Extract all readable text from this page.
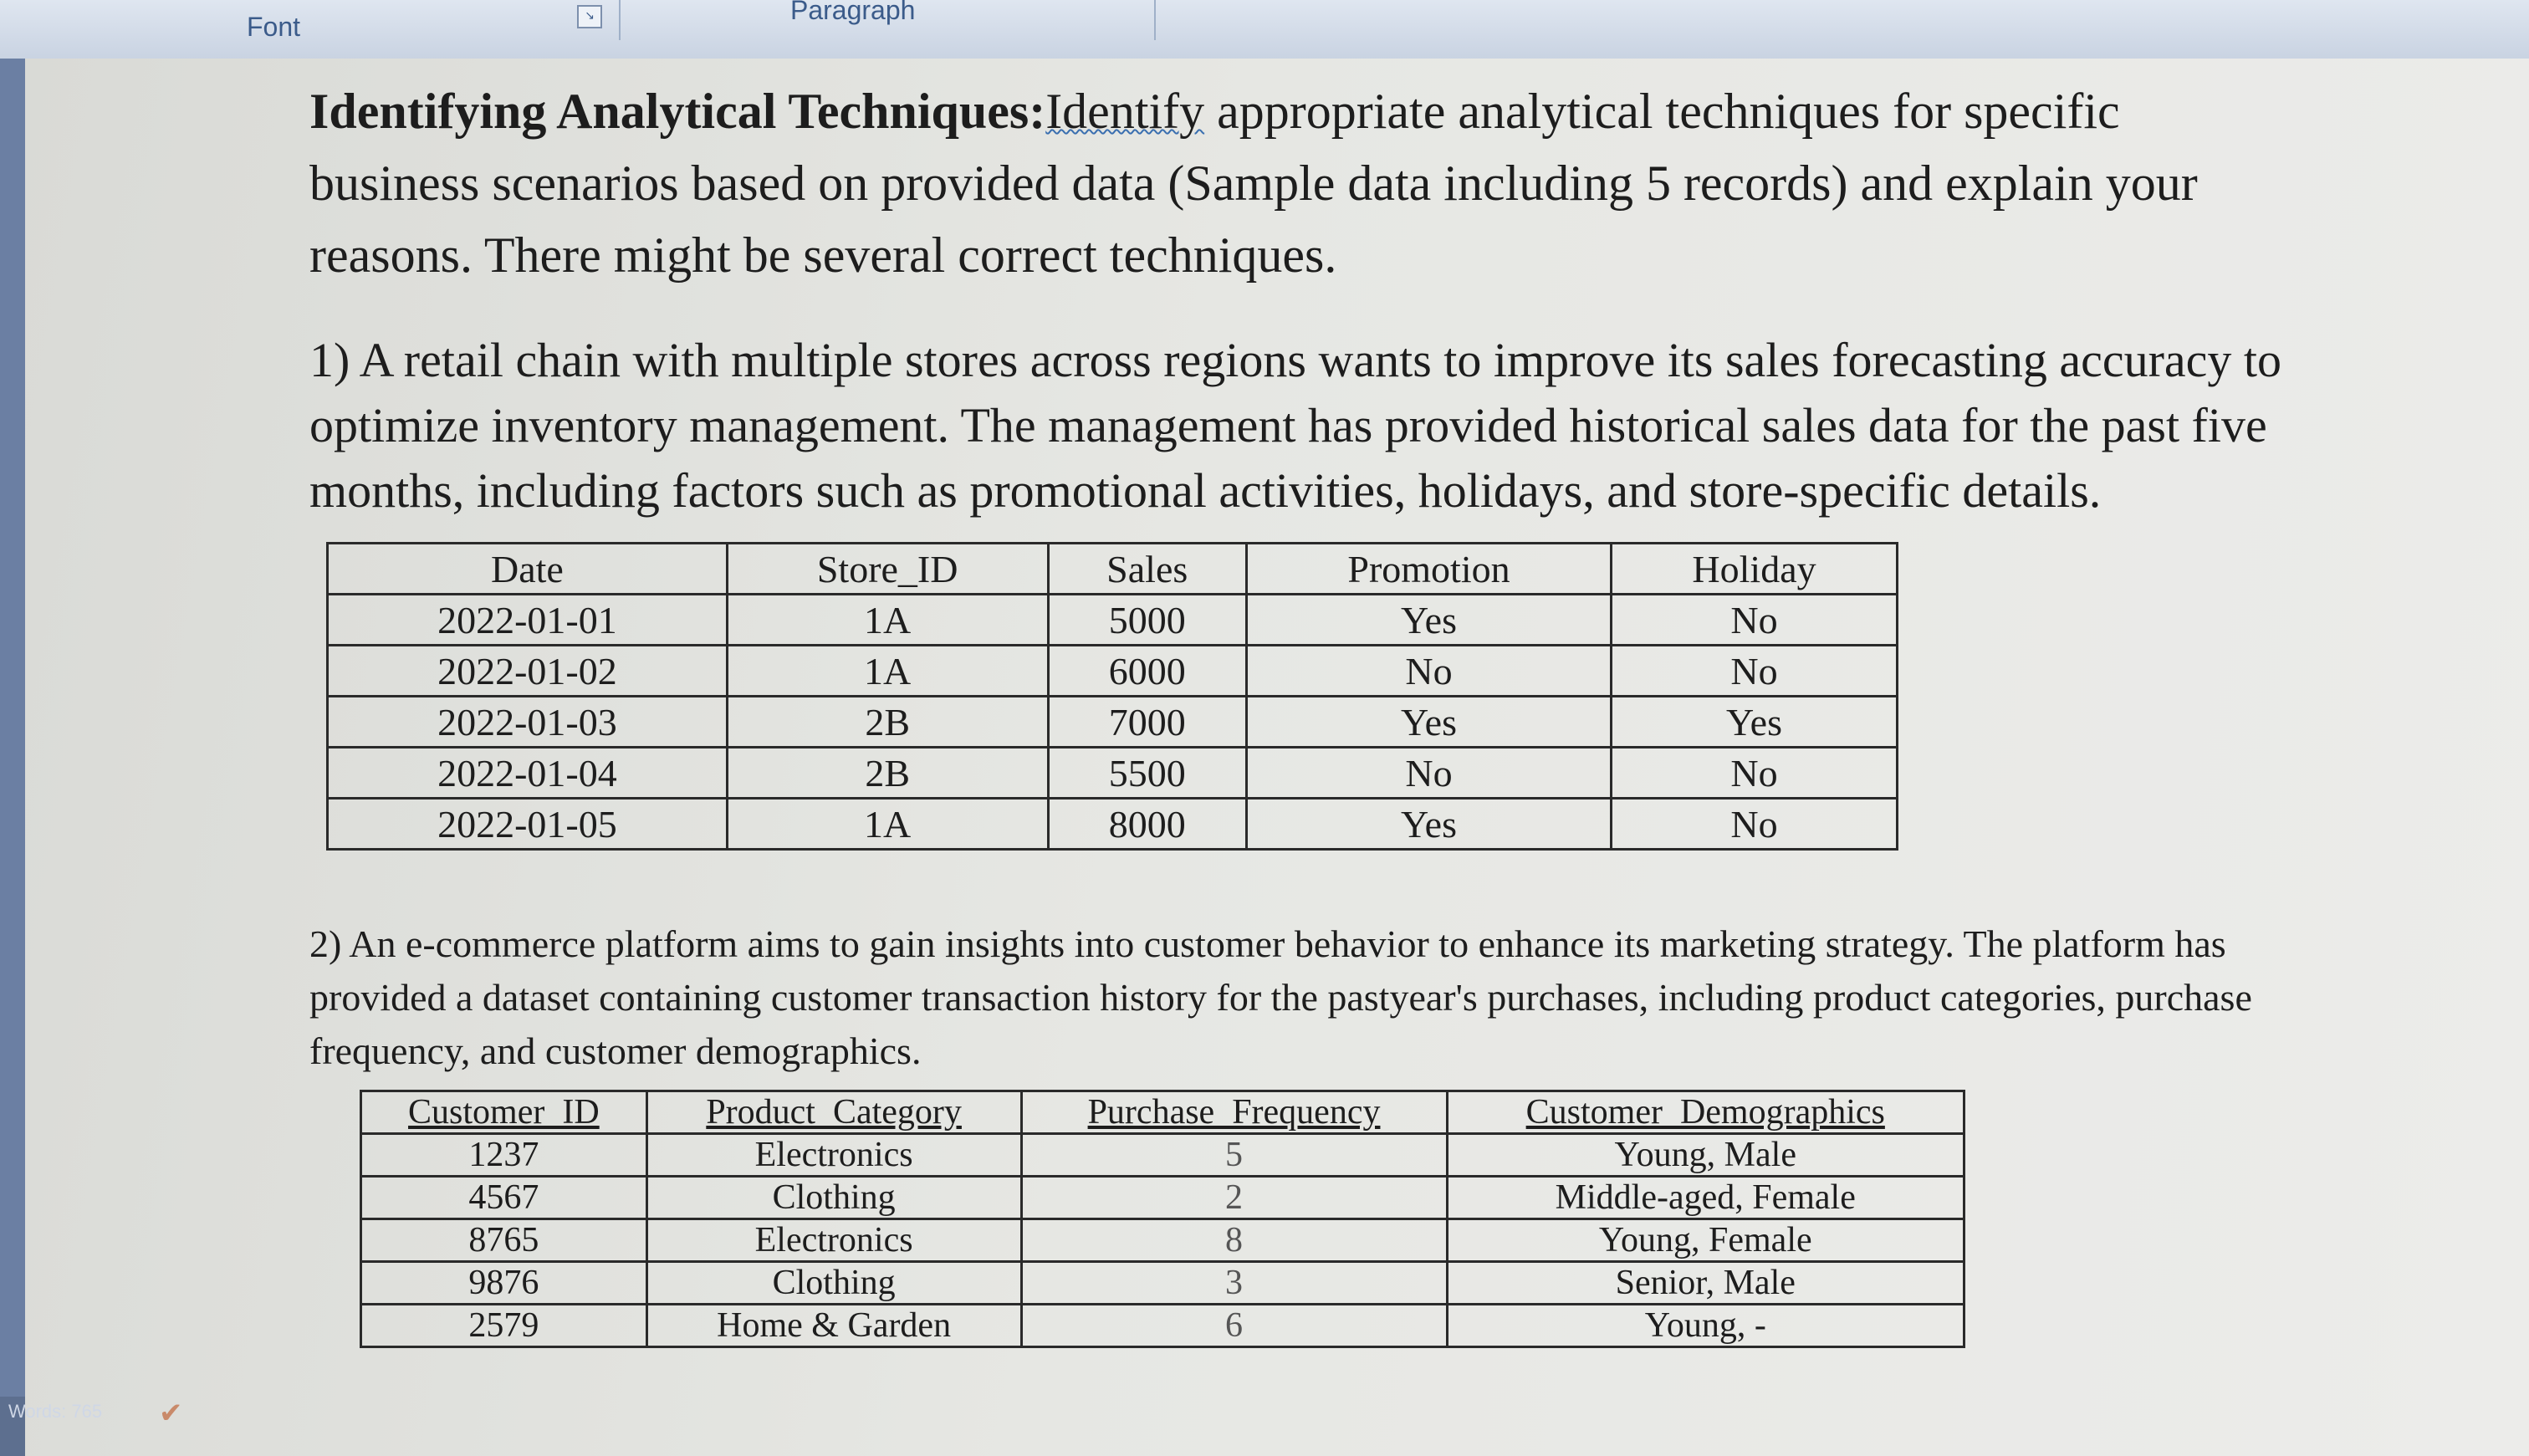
Font	↘	Paragraph

Identifying Analytical Techniques:Identify appropriate analytical techniques for specific business scenarios based on provided data (Sample data including 5 records) and explain your reasons. There might be several correct techniques.

1) A retail chain with multiple stores across regions wants to improve its sales forecasting accuracy to optimize inventory management. The management has provided historical sales data for the past five months, including factors such as promotional activities, holidays, and store-specific details.

Date	Store_ID	Sales	Promotion	Holiday
2022-01-01	1A	5000	Yes	No
2022-01-02	1A	6000	No	No
2022-01-03	2B	7000	Yes	Yes
2022-01-04	2B	5500	No	No
2022-01-05	1A	8000	Yes	No

2) An e-commerce platform aims to gain insights into customer behavior to enhance its marketing strategy. The platform has provided a dataset containing customer transaction history for the pastyear's purchases, including product categories, purchase frequency, and customer demographics.

Customer_ID	Product_Category	Purchase_Frequency	Customer_Demographics
1237	Electronics	5	Young, Male
4567	Clothing	2	Middle-aged, Female
8765	Electronics	8	Young, Female
9876	Clothing	3	Senior, Male
2579	Home & Garden	6	Young, -
Words: 765 ✔
